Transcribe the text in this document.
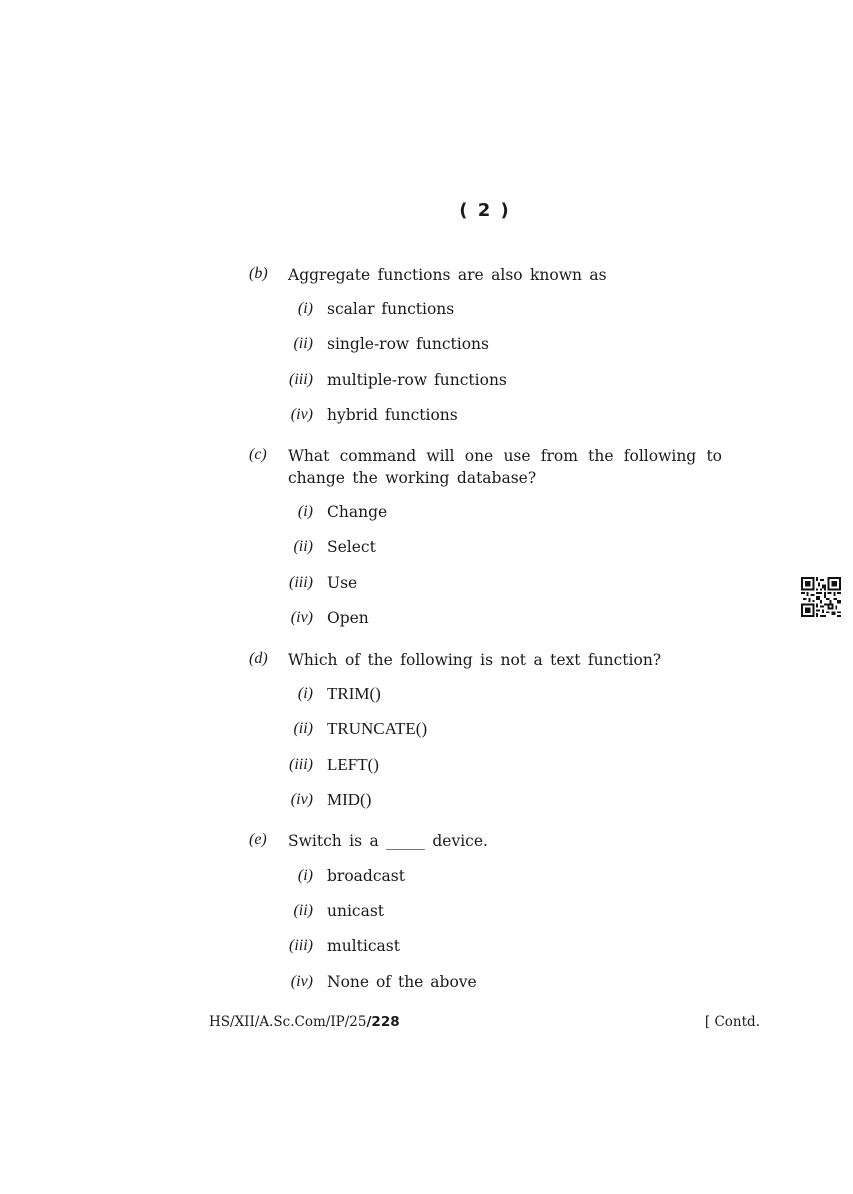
( 2 )
(b) Aggregate functions are also known as
(i) scalar functions
(ii) single-row functions
(iii) multiple-row functions
(iv) hybrid functions
(c) What command will one use from the following to change the working database?
(i) Change
(ii) Select
(iii) Use
(iv) Open
(d) Which of the following is not a text function?
(i) TRIM()
(ii) TRUNCATE()
(iii) LEFT()
(iv) MID()
(e) Switch is a _____ device.
(i) broadcast
(ii) unicast
(iii) multicast
(iv) None of the above
HS/XII/A.Sc.Com/IP/25/228	[ Contd.
